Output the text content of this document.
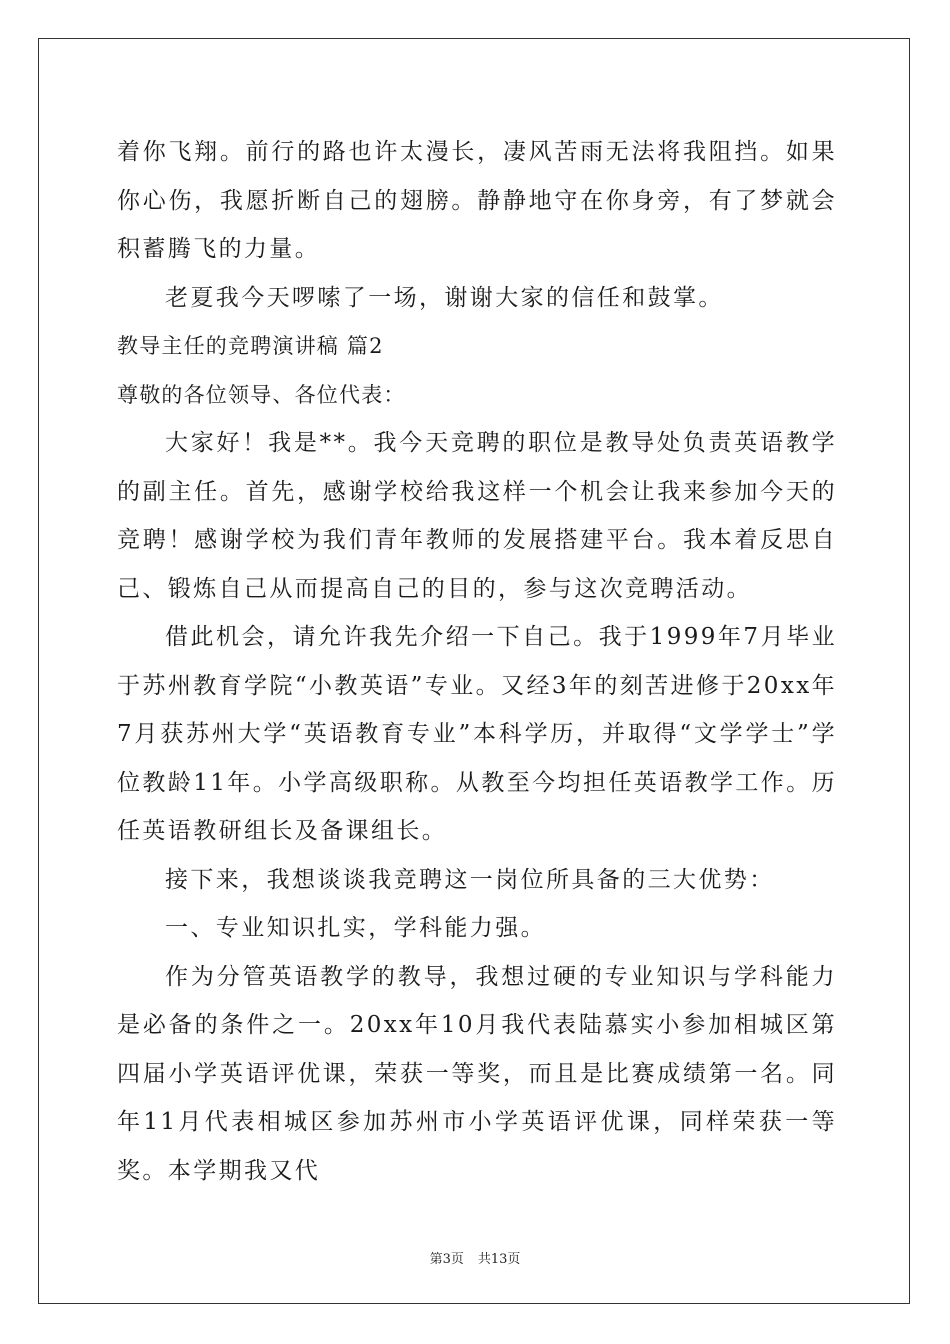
着你飞翔。前行的路也许太漫长，凄风苦雨无法将我阻挡。如果你心伤，我愿折断自己的翅膀。静静地守在你身旁，有了梦就会积蓄腾飞的力量。

老夏我今天啰嗦了一场，谢谢大家的信任和鼓掌。

教导主任的竞聘演讲稿 篇2

尊敬的各位领导、各位代表：

大家好！我是**。我今天竞聘的职位是教导处负责英语教学的副主任。首先，感谢学校给我这样一个机会让我来参加今天的竞聘！感谢学校为我们青年教师的发展搭建平台。我本着反思自己、锻炼自己从而提高自己的目的，参与这次竞聘活动。

借此机会，请允许我先介绍一下自己。我于1999年7月毕业于苏州教育学院“小教英语”专业。又经3年的刻苦进修于20xx年7月获苏州大学“英语教育专业”本科学历，并取得“文学学士”学位教龄11年。小学高级职称。从教至今均担任英语教学工作。历任英语教研组长及备课组长。

接下来，我想谈谈我竞聘这一岗位所具备的三大优势：

一、专业知识扎实，学科能力强。

作为分管英语教学的教导，我想过硬的专业知识与学科能力是必备的条件之一。20xx年10月我代表陆慕实小参加相城区第四届小学英语评优课，荣获一等奖，而且是比赛成绩第一名。同年11月代表相城区参加苏州市小学英语评优课，同样荣获一等奖。本学期我又代

第3页 共13页
